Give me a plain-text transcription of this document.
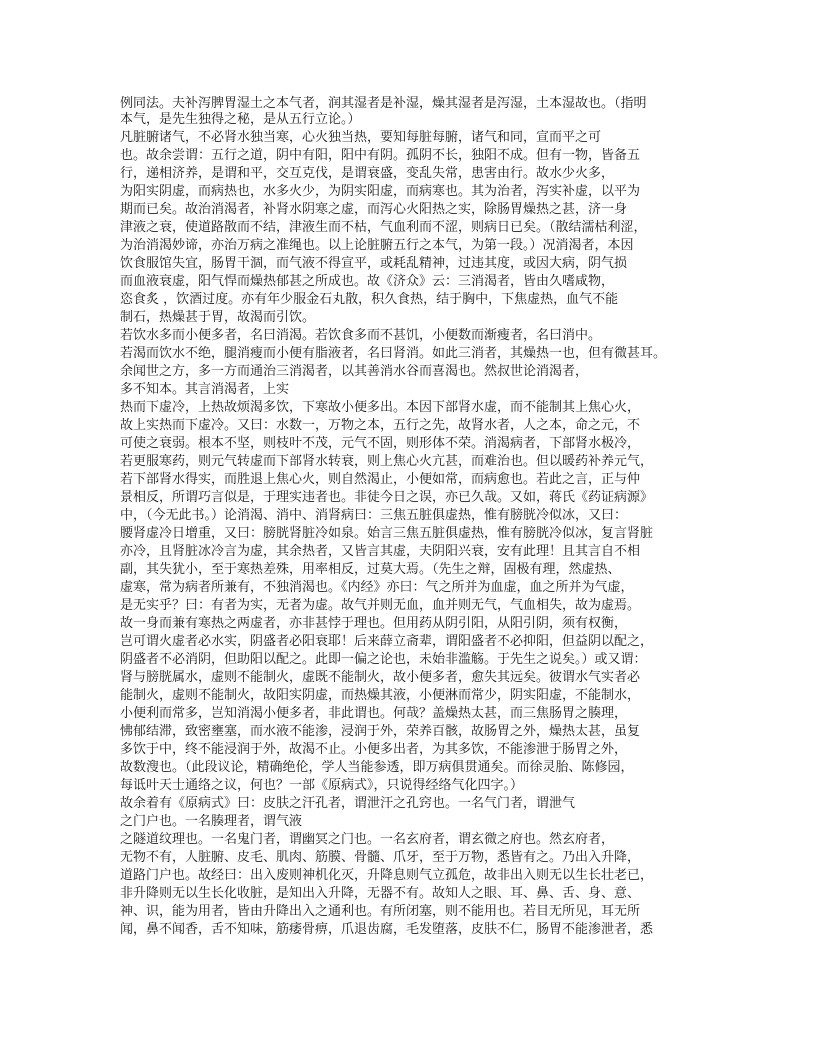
例同法。夫补泻脾胃湿土之本气者，润其湿者是补湿，燥其湿者是泻湿，土本湿故也。（指明
本气，是先生独得之秘，是从五行立论。）
凡脏腑诸气，不必肾水独当寒，心火独当热，要知每脏每腑，诸气和同，宣而平之可
也。故余尝谓：五行之道，阴中有阳，阳中有阴。孤阴不长，独阳不成。但有一物，皆备五
行，递相济养，是谓和平，交互克伐，是谓衰盛，变乱失常，患害由行。故水少火多，
为阳实阴虚，而病热也，水多火少，为阴实阳虚，而病寒也。其为治者，泻实补虚，以平为
期而已矣。故治消渴者，补肾水阴寒之虚，而泻心火阳热之实，除肠胃燥热之甚，济一身
津液之衰，使道路散而不结，津液生而不枯，气血利而不涩，则病日已矣。（散结濡枯利涩，
为治消渴妙谛，亦治万病之准绳也。以上论脏腑五行之本气，为第一段。）况消渴者，本因
饮食服馆失宜，肠胃干涸，而气液不得宣平，或耗乱精神，过违其度，或因大病，阴气损
而血液衰虚，阳气悍而燥热郁甚之所成也。故《济众》云：三消渴者，皆由久嗜咸物，
恣食炙 ，饮酒过度。亦有年少服金石丸散，积久食热，结于胸中，下焦虚热，血气不能
制石，热燥甚于胃，故渴而引饮。
若饮水多而小便多者，名曰消渴。若饮食多而不甚饥，小便数而渐瘦者，名曰消中。
若渴而饮水不绝，腿消瘦而小便有脂液者，名曰肾消。如此三消者，其燥热一也，但有微甚耳。
余闻世之方，多一方而通治三消渴者，以其善消水谷而喜渴也。然叔世论消渴者，
多不知本。其言消渴者，上实
热而下虚冷，上热故烦渴多饮，下寒故小便多出。本因下部肾水虚，而不能制其上焦心火，
故上实热而下虚冷。又曰：水数一，万物之本，五行之先，故肾水者，人之本，命之元，不
可使之衰弱。根本不坚，则枝叶不茂，元气不固，则形体不荣。消渴病者，下部肾水极冷，
若更服寒药，则元气转虚而下部肾水转衰，则上焦心火亢甚，而难治也。但以暖药补养元气，
若下部肾水得实，而胜退上焦心火，则自然渴止，小便如常，而病愈也。若此之言，正与仲
景相反，所谓巧言似是，于理实违者也。非徒今日之误，亦已久哉。又如，蒋氏《药证病源》
中，（今无此书。）论消渴、消中、消肾病曰：三焦五脏俱虚热，惟有膀胱冷似冰，又曰：
腰肾虚冷日增重，又曰：膀胱肾脏冷如泉。始言三焦五脏俱虚热，惟有膀胱冷似冰，复言肾脏
亦冷，且肾脏冰冷言为虚，其余热者，又皆言其虚，夫阴阳兴衰，安有此理！且其言自不相
副，其失犹小，至于寒热差殊，用率相反，过莫大焉。（先生之辩，固极有理，然虚热、
虚寒，常为病者所兼有，不独消渴也。《内经》亦曰：气之所并为血虚，血之所并为气虚，
是无实乎？曰：有者为实，无者为虚。故气并则无血，血并则无气，气血相失，故为虚焉。
故一身而兼有寒热之两虚者，亦非甚悖于理也。但用药从阴引阳，从阳引阴，须有权衡，
岂可谓火虚者必水实，阴盛者必阳衰耶！后来薛立斋辈，谓阳盛者不必抑阳，但益阴以配之，
阴盛者不必消阴，但助阳以配之。此即一偏之论也，未始非滥觞。于先生之说矣。）或又谓：
肾与膀胱属水，虚则不能制火，虚既不能制火，故小便多者，愈失其远矣。彼谓水气实者必
能制火，虚则不能制火，故阳实阴虚，而热燥其液，小便淋而常少，阴实阳虚，不能制水，
小便利而常多，岂知消渴小便多者，非此谓也。何哉？盖燥热太甚，而三焦肠胃之腠理，
怫郁结滞，致密壅塞，而水液不能渗，浸润于外，荣养百骸，故肠胃之外，燥热太甚，虽复
多饮于中，终不能浸润于外，故渴不止。小便多出者，为其多饮，不能渗泄于肠胃之外，
故数溲也。（此段议论，精确绝伦，学人当能参透，即万病俱贯通矣。而徐灵胎、陈修园，
每诋叶天士通络之议，何也？一部《原病式》，只说得经络气化四字。）
故余着有《原病式》曰：皮肤之汗孔者，谓泄汗之孔窍也。一名气门者，谓泄气
之门户也。一名腠理者，谓气液
之隧道纹理也。一名鬼门者，谓幽冥之门也。一名玄府者，谓玄微之府也。然玄府者，
无物不有，人脏腑、皮毛、肌肉、筋膜、骨髓、爪牙，至于万物，悉皆有之。乃出入升降，
道路门户也。故经曰：出入废则神机化灭，升降息则气立孤危，故非出入则无以生长壮老已，
非升降则无以生长化收脏，是知出入升降，无器不有。故知人之眼、耳、鼻、舌、身、意、
神、识，能为用者，皆由升降出入之通利也。有所闭塞，则不能用也。若目无所见，耳无所
闻，鼻不闻香，舌不知味，筋痿骨痹，爪退齿腐，毛发堕落，皮肤不仁，肠胃不能渗泄者，悉
